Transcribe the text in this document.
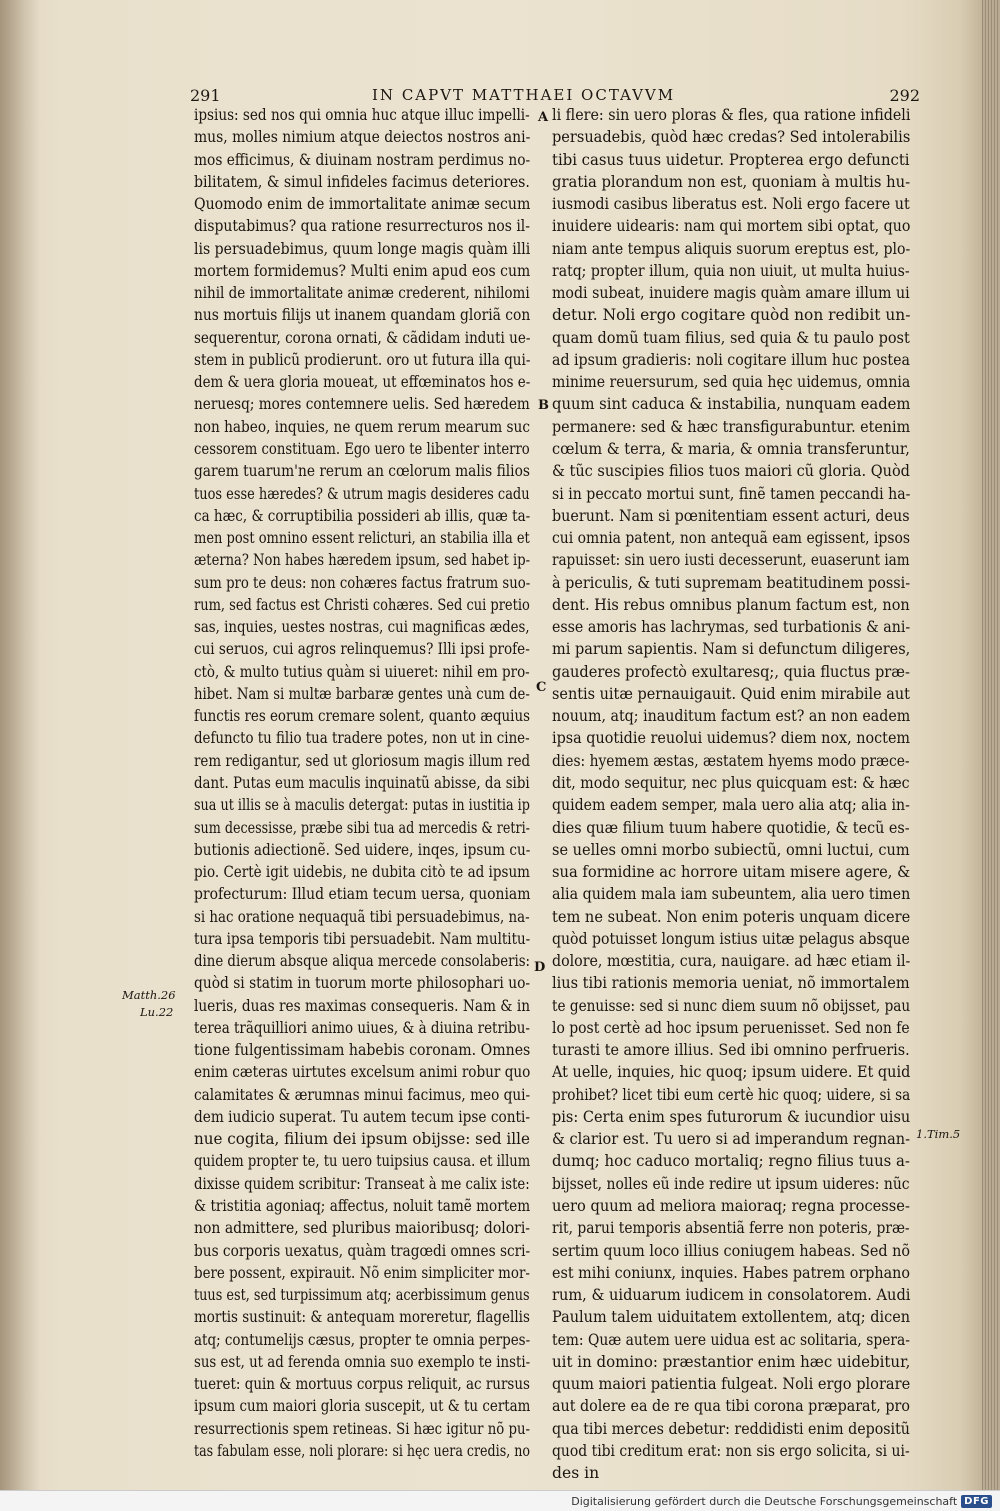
291	IN CAPVT MATTHAEI OCTAVVM	292
ipsius: sed nos qui omnia huc atque illuc impelli-
mus, molles nimium atque deiectos nostros ani-
mos efficimus, & diuinam nostram perdimus no-
bilitatem, & simul infideles facimus deteriores.
Quomodo enim de immortalitate animæ secum
disputabimus? qua ratione resurrecturos nos il-
lis persuadebimus, quum longe magis quàm illi
mortem formidemus? Multi enim apud eos cum
nihil de immortalitate animæ crederent, nihilomi
nus mortuis filijs ut inanem quandam gloriã con
sequerentur, corona ornati, & cãdidam induti ue-
stem in publicũ prodierunt. oro ut futura illa qui-
dem & uera gloria moueat, ut effœminatos hos e-
neruesq; mores contemnere uelis. Sed hæredem
non habeo, inquies, ne quem rerum mearum suc
cessorem constituam. Ego uero te libenter interro
garem tuarum'ne rerum an cœlorum malis filios
tuos esse hæredes? & utrum magis desideres cadu
ca hæc, & corruptibilia possideri ab illis, quæ ta-
men post omnino essent relicturi, an stabilia illa et
æterna? Non habes hæredem ipsum, sed habet ip-
sum pro te deus: non cohæres factus fratrum suo-
rum, sed factus est Christi cohæres. Sed cui pretio
sas, inquies, uestes nostras, cui magnificas ædes,
cui seruos, cui agros relinquemus? Illi ipsi profe-
ctò, & multo tutius quàm si uiueret: nihil em pro-
hibet. Nam si multæ barbaræ gentes unà cum de-
functis res eorum cremare solent, quanto æquius
defuncto tu filio tua tradere potes, non ut in cine-
rem redigantur, sed ut gloriosum magis illum red
dant. Putas eum maculis inquinatũ abisse, da sibi
sua ut illis se à maculis detergat: putas in iustitia ip
sum decessisse, præbe sibi tua ad mercedis & retri-
butionis adiectionẽ. Sed uidere, inqes, ipsum cu-
pio. Certè igit uidebis, ne dubita citò te ad ipsum
profecturum: Illud etiam tecum uersa, quoniam
si hac oratione nequaquã tibi persuadebimus, na-
tura ipsa temporis tibi persuadebit. Nam multitu-
dine dierum absque aliqua mercede consolaberis:
quòd si statim in tuorum morte philosophari uo-
lueris, duas res maximas consequeris. Nam & in
terea trãquilliori animo uiues, & à diuina retribu-
tione fulgentissimam habebis coronam. Omnes
enim cæteras uirtutes excelsum animi robur quo
calamitates & ærumnas minui facimus, meo qui-
dem iudicio superat. Tu autem tecum ipse conti-
nue cogita, filium dei ipsum obijsse: sed ille
quidem propter te, tu uero tuipsius causa. et illum
dixisse quidem scribitur: Transeat à me calix iste:
& tristitia agoniaq; affectus, noluit tamẽ mortem
non admittere, sed pluribus maioribusq; dolori-
bus corporis uexatus, quàm tragœdi omnes scri-
bere possent, expirauit. Nõ enim simpliciter mor-
tuus est, sed turpissimum atq; acerbissimum genus
mortis sustinuit: & antequam moreretur, flagellis
atq; contumelijs cæsus, propter te omnia perpes-
sus est, ut ad ferenda omnia suo exemplo te insti-
tueret: quin & mortuus corpus reliquit, ac rursus
ipsum cum maiori gloria suscepit, ut & tu certam
resurrectionis spem retineas. Si hæc igitur nõ pu-
tas fabulam esse, noli plorare: si hęc uera credis, no
li flere: sin uero ploras & fles, qua ratione infideli
persuadebis, quòd hæc credas? Sed intolerabilis
tibi casus tuus uidetur. Propterea ergo defuncti
gratia plorandum non est, quoniam à multis hu-
iusmodi casibus liberatus est. Noli ergo facere ut
inuidere uidearis: nam qui mortem sibi optat, quo
niam ante tempus aliquis suorum ereptus est, plo-
ratq; propter illum, quia non uiuit, ut multa huius-
modi subeat, inuidere magis quàm amare illum ui
detur. Noli ergo cogitare quòd non redibit un-
quam domũ tuam filius, sed quia & tu paulo post
ad ipsum gradieris: noli cogitare illum huc postea
minime reuersurum, sed quia hęc uidemus, omnia
quum sint caduca & instabilia, nunquam eadem
permanere: sed & hæc transfigurabuntur. etenim
cœlum & terra, & maria, & omnia transferuntur,
& tũc suscipies filios tuos maiori cũ gloria. Quòd
si in peccato mortui sunt, finẽ tamen peccandi ha-
buerunt. Nam si pœnitentiam essent acturi, deus
cui omnia patent, non antequã eam egissent, ipsos
rapuisset: sin uero iusti decesserunt, euaserunt iam
à periculis, & tuti supremam beatitudinem possi-
dent. His rebus omnibus planum factum est, non
esse amoris has lachrymas, sed turbationis & ani-
mi parum sapientis. Nam si defunctum diligeres,
gauderes profectò exultaresq;, quia fluctus præ-
sentis uitæ pernauigauit. Quid enim mirabile aut
nouum, atq; inauditum factum est? an non eadem
ipsa quotidie reuolui uidemus? diem nox, noctem
dies: hyemem æstas, æstatem hyems modo præce-
dit, modo sequitur, nec plus quicquam est: & hæc
quidem eadem semper, mala uero alia atq; alia in-
dies quæ filium tuum habere quotidie, & tecũ es-
se uelles omni morbo subiectũ, omni luctui, cum
sua formidine ac horrore uitam misere agere, &
alia quidem mala iam subeuntem, alia uero timen
tem ne subeat. Non enim poteris unquam dicere
quòd potuisset longum istius uitæ pelagus absque
dolore, mœstitia, cura, nauigare. ad hæc etiam il-
lius tibi rationis memoria ueniat, nõ immortalem
te genuisse: sed si nunc diem suum nõ obijsset, pau
lo post certè ad hoc ipsum peruenisset. Sed non fe
turasti te amore illius. Sed ibi omnino perfrueris.
At uelle, inquies, hic quoq; ipsum uidere. Et quid
prohibet? licet tibi eum certè hic quoq; uidere, si sa
pis: Certa enim spes futurorum & iucundior uisu
& clarior est. Tu uero si ad imperandum regnan-
dumq; hoc caduco mortaliq; regno filius tuus a-
bijsset, nolles eũ inde redire ut ipsum uideres: nũc
uero quum ad meliora maioraq; regna processe-
rit, parui temporis absentiã ferre non poteris, præ-
sertim quum loco illius coniugem habeas. Sed nõ
est mihi coniunx, inquies. Habes patrem orphano
rum, & uiduarum iudicem in consolatorem. Audi
Paulum talem uiduitatem extollentem, atq; dicen
tem: Quæ autem uere uidua est ac solitaria, spera-
uit in domino: præstantior enim hæc uidebitur,
quum maiori patientia fulgeat. Noli ergo plorare
aut dolere ea de re qua tibi corona præparat, pro
qua tibi merces debetur: reddidisti enim depositũ
quod tibi creditum erat: non sis ergo solicita, si ui-
des in
A
B
C
D
Matth.26
Lu.22
1.Tim.5
Digitalisierung gefördert durch die Deutsche Forschungsgemeinschaft DFG
